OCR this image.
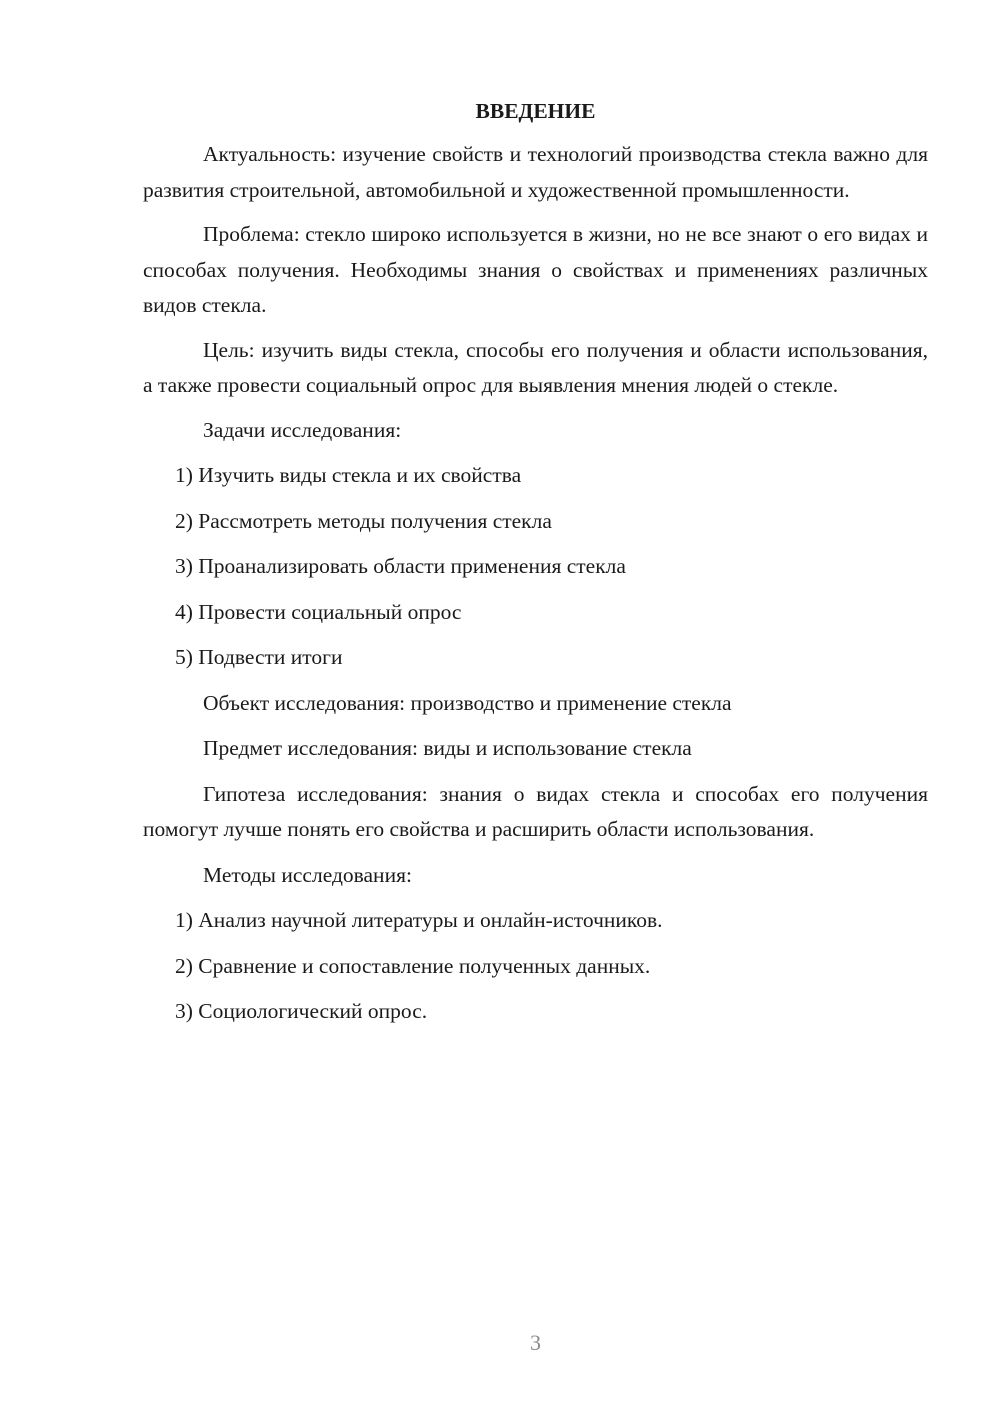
ВВЕДЕНИЕ
Актуальность: изучение свойств и технологий производства стекла важно для развития строительной, автомобильной и художественной промышленности.
Проблема: стекло широко используется в жизни, но не все знают о его видах и способах получения. Необходимы знания о свойствах и применениях различных видов стекла.
Цель: изучить виды стекла, способы его получения и области использования, а также провести социальный опрос для выявления мнения людей о стекле.
Задачи исследования:
1) Изучить виды стекла и их свойства
2) Рассмотреть методы получения стекла
3) Проанализировать области применения стекла
4) Провести социальный опрос
5) Подвести итоги
Объект исследования: производство и применение стекла
Предмет исследования: виды и использование стекла
Гипотеза исследования: знания о видах стекла и способах его получения помогут лучше понять его свойства и расширить области использования.
Методы исследования:
1) Анализ научной литературы и онлайн-источников.
2) Сравнение и сопоставление полученных данных.
3) Социологический опрос.
3
